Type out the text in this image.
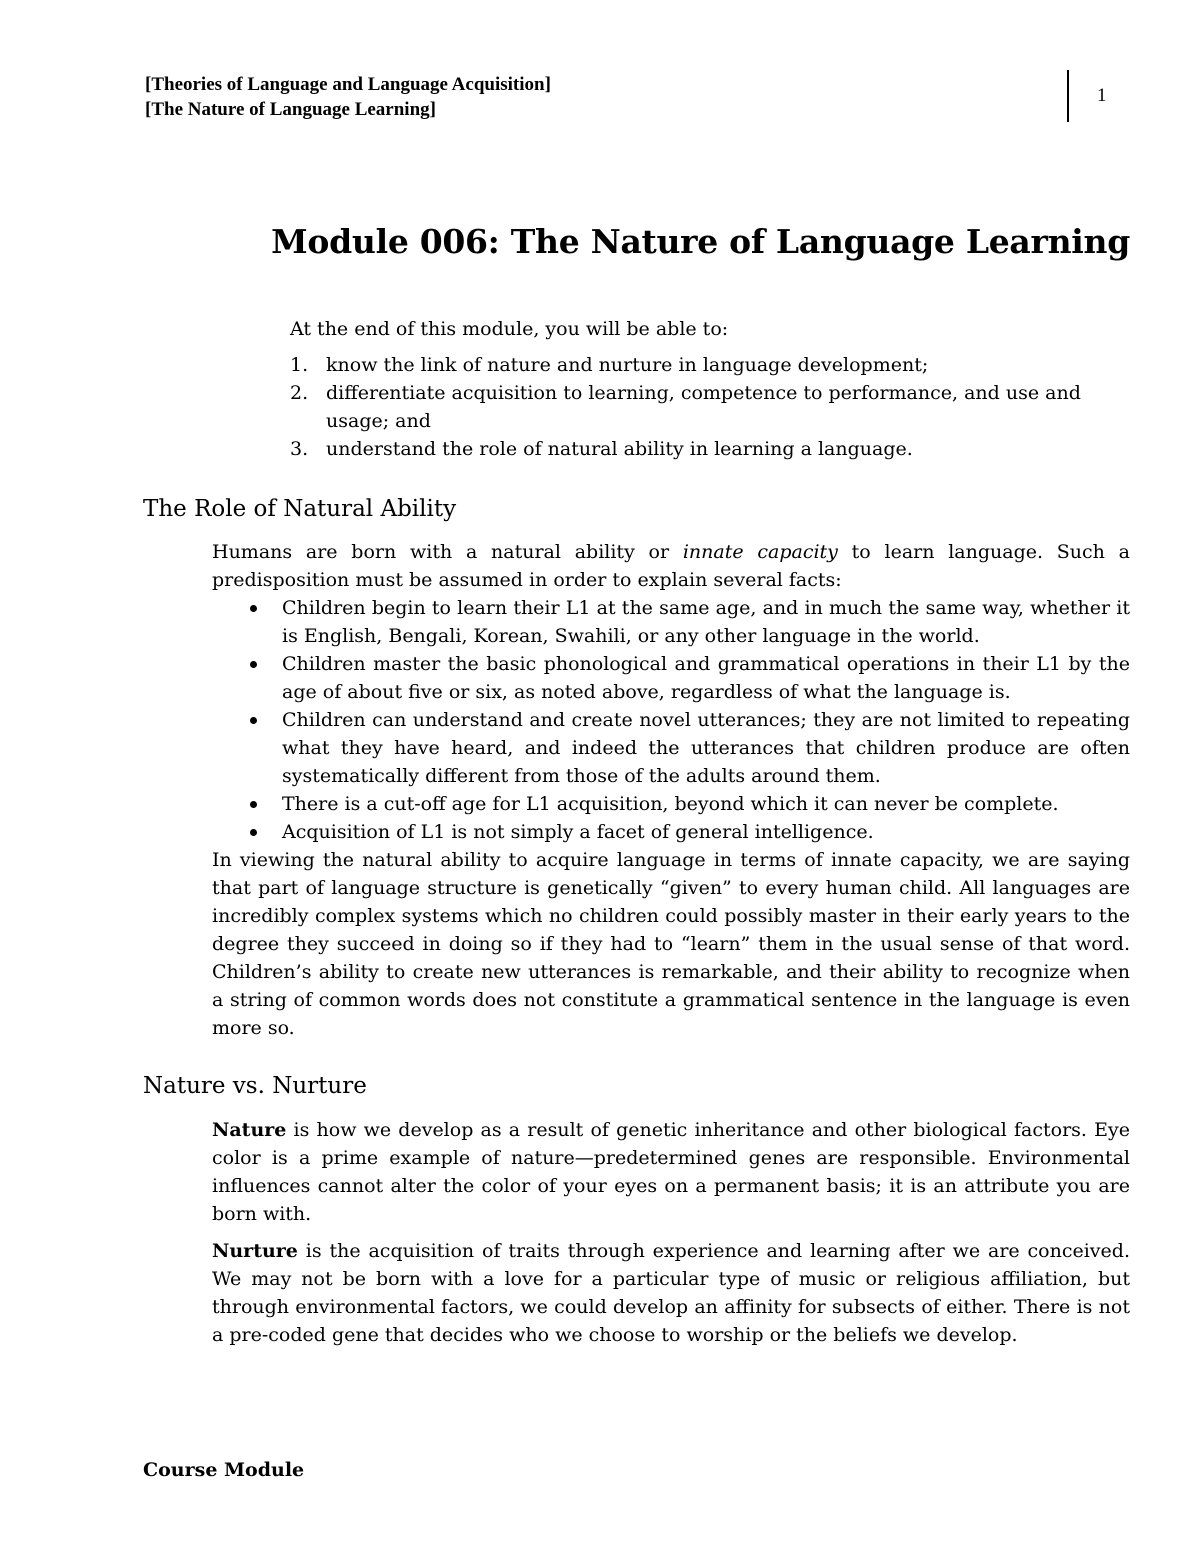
[Theories of Language and Language Acquisition]
[The Nature of Language Learning]
1
Module 006: The Nature of Language Learning

At the end of this module, you will be able to:

1. know the link of nature and nurture in language development;
2. differentiate acquisition to learning, competence to performance, and use and usage; and
3. understand the role of natural ability in learning a language.
The Role of Natural Ability

Humans are born with a natural ability or innate capacity to learn language. Such a predisposition must be assumed in order to explain several facts:

Children begin to learn their L1 at the same age, and in much the same way, whether it is English, Bengali, Korean, Swahili, or any other language in the world.
Children master the basic phonological and grammatical operations in their L1 by the age of about five or six, as noted above, regardless of what the language is.
Children can understand and create novel utterances; they are not limited to repeating what they have heard, and indeed the utterances that children produce are often systematically different from those of the adults around them.
There is a cut-off age for L1 acquisition, beyond which it can never be complete.
Acquisition of L1 is not simply a facet of general intelligence.

In viewing the natural ability to acquire language in terms of innate capacity, we are saying that part of language structure is genetically “given” to every human child. All languages are incredibly complex systems which no children could possibly master in their early years to the degree they succeed in doing so if they had to “learn” them in the usual sense of that word. Children’s ability to create new utterances is remarkable, and their ability to recognize when a string of common words does not constitute a grammatical sentence in the language is even more so.

Nature vs. Nurture

Nature is how we develop as a result of genetic inheritance and other biological factors. Eye color is a prime example of nature—predetermined genes are responsible. Environmental influences cannot alter the color of your eyes on a permanent basis; it is an attribute you are born with.

Nurture is the acquisition of traits through experience and learning after we are conceived. We may not be born with a love for a particular type of music or religious affiliation, but through environmental factors, we could develop an affinity for subsects of either. There is not a pre-coded gene that decides who we choose to worship or the beliefs we develop.

Course Module
